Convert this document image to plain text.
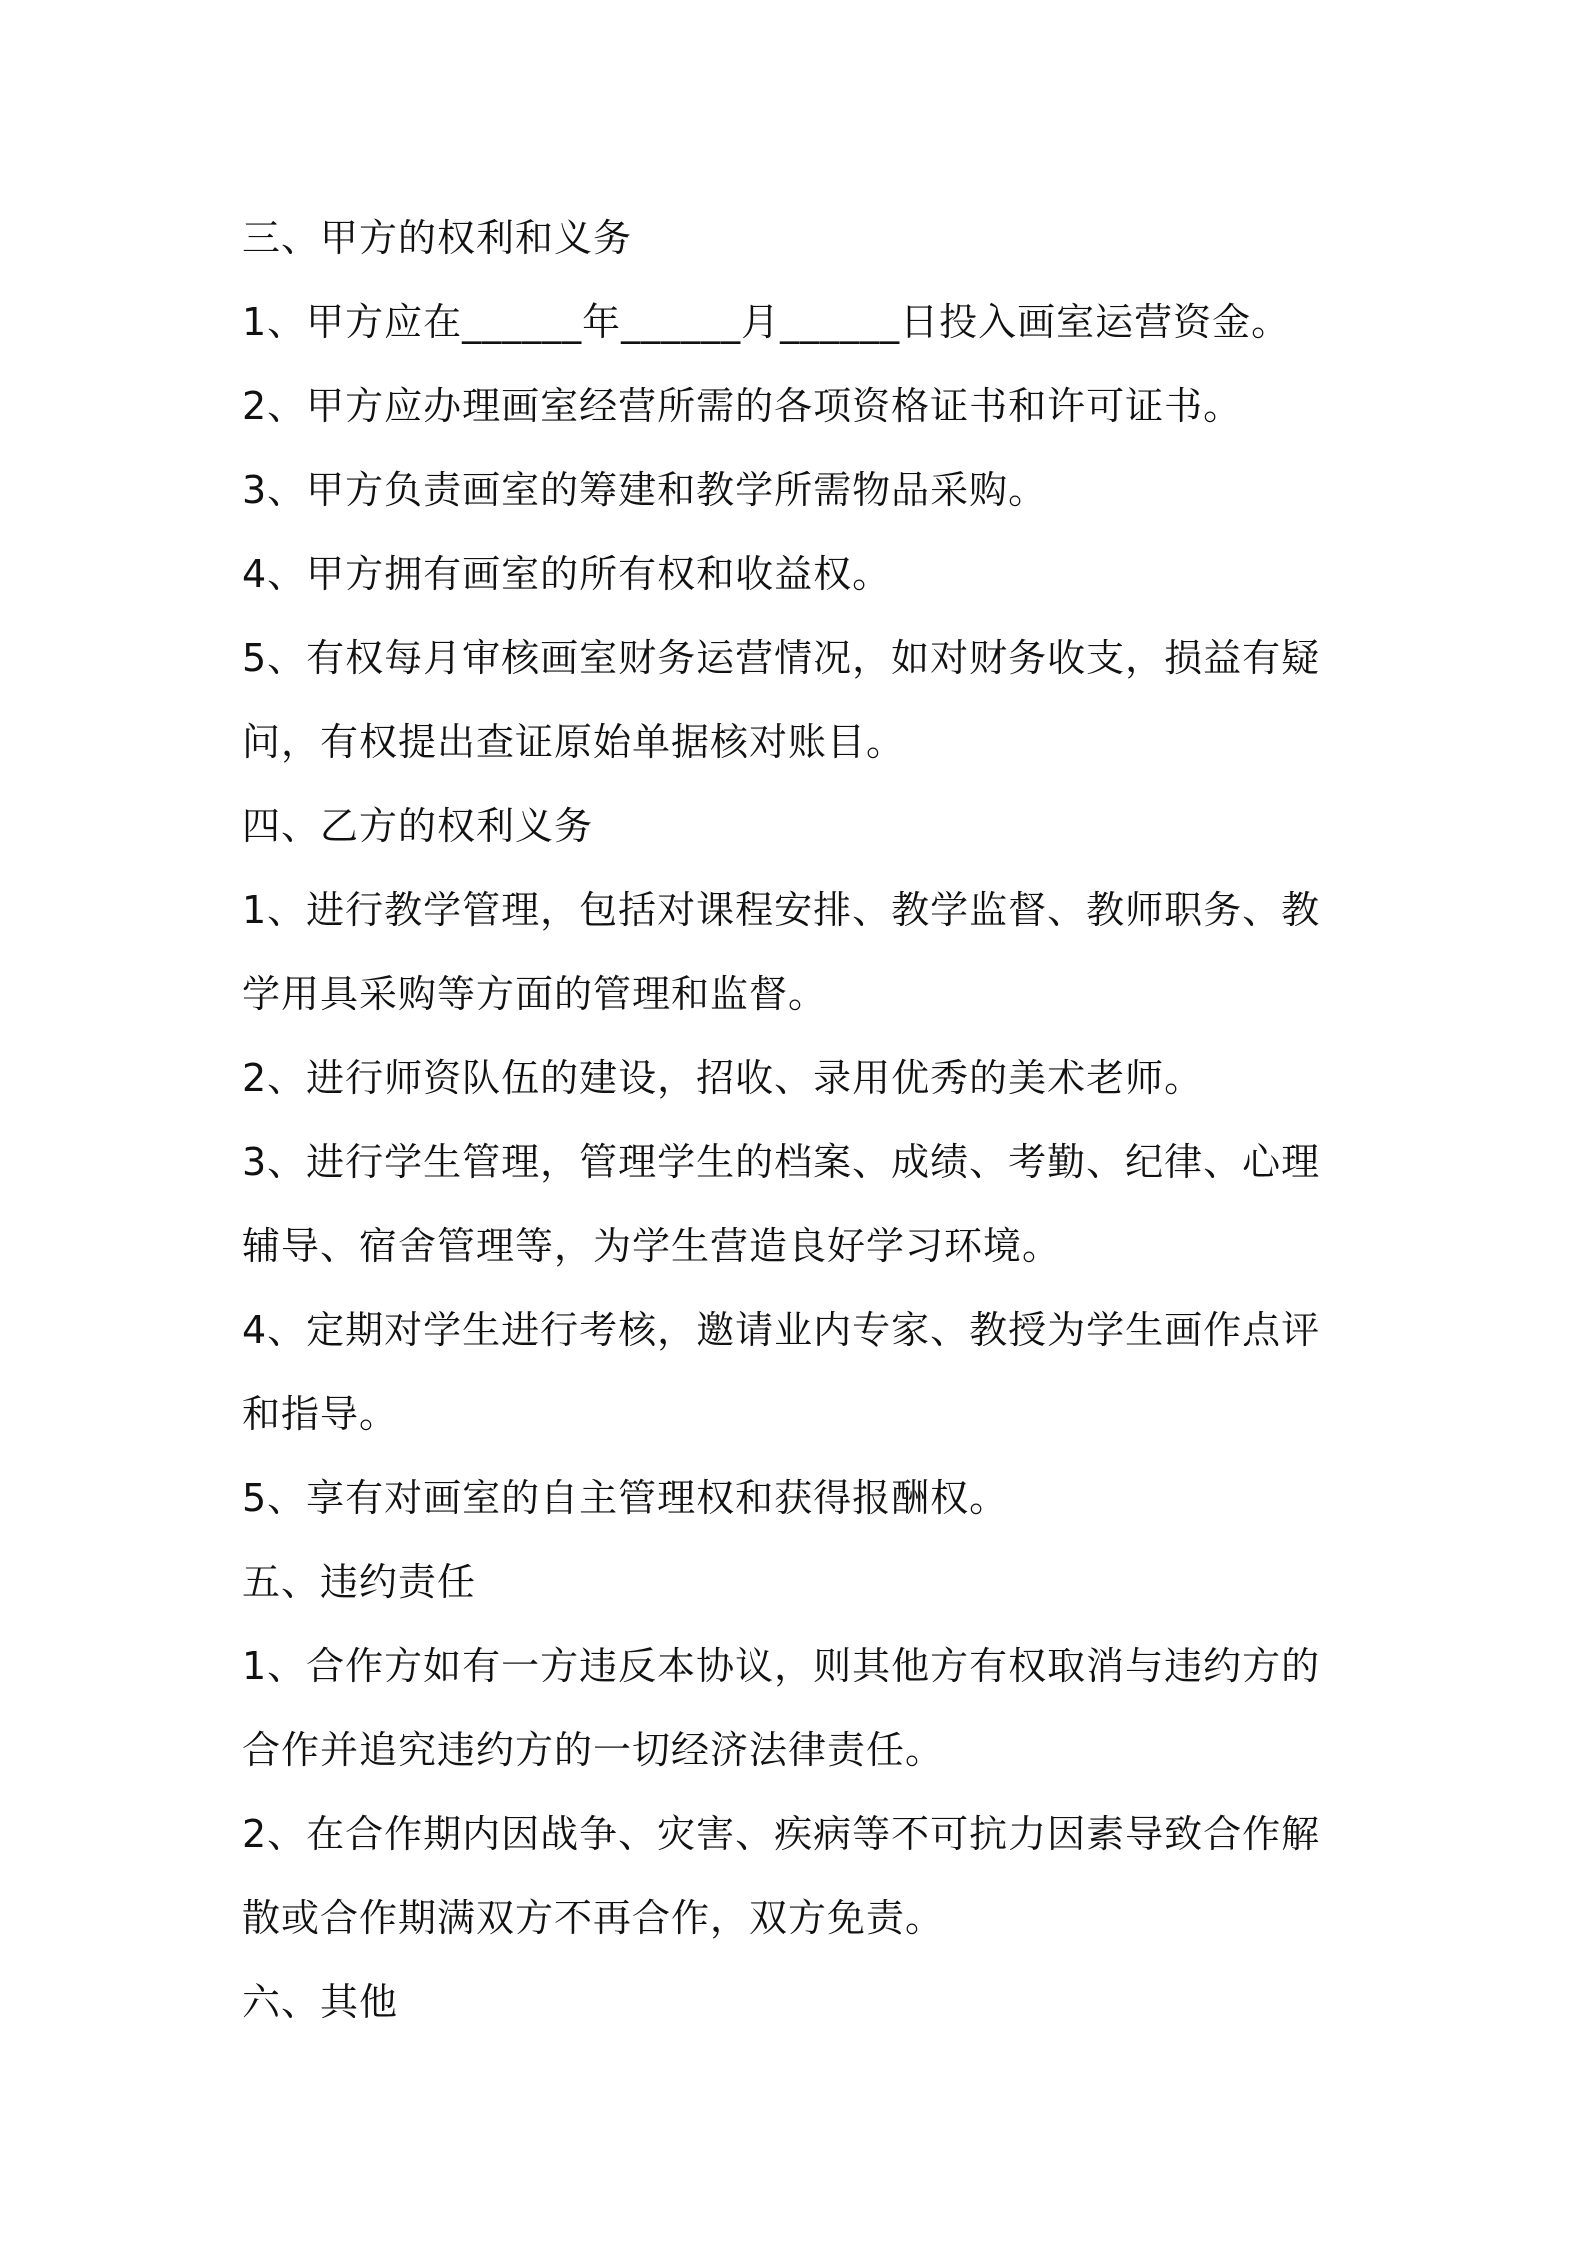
三、甲方的权利和义务
1、甲方应在______年______月______日投入画室运营资金。
2、甲方应办理画室经营所需的各项资格证书和许可证书。
3、甲方负责画室的筹建和教学所需物品采购。
4、甲方拥有画室的所有权和收益权。
5、有权每月审核画室财务运营情况，如对财务收支，损益有疑
问，有权提出查证原始单据核对账目。
四、乙方的权利义务
1、进行教学管理，包括对课程安排、教学监督、教师职务、教
学用具采购等方面的管理和监督。
2、进行师资队伍的建设，招收、录用优秀的美术老师。
3、进行学生管理，管理学生的档案、成绩、考勤、纪律、心理
辅导、宿舍管理等，为学生营造良好学习环境。
4、定期对学生进行考核，邀请业内专家、教授为学生画作点评
和指导。
5、享有对画室的自主管理权和获得报酬权。
五、违约责任
1、合作方如有一方违反本协议，则其他方有权取消与违约方的
合作并追究违约方的一切经济法律责任。
2、在合作期内因战争、灾害、疾病等不可抗力因素导致合作解
散或合作期满双方不再合作，双方免责。
六、其他
